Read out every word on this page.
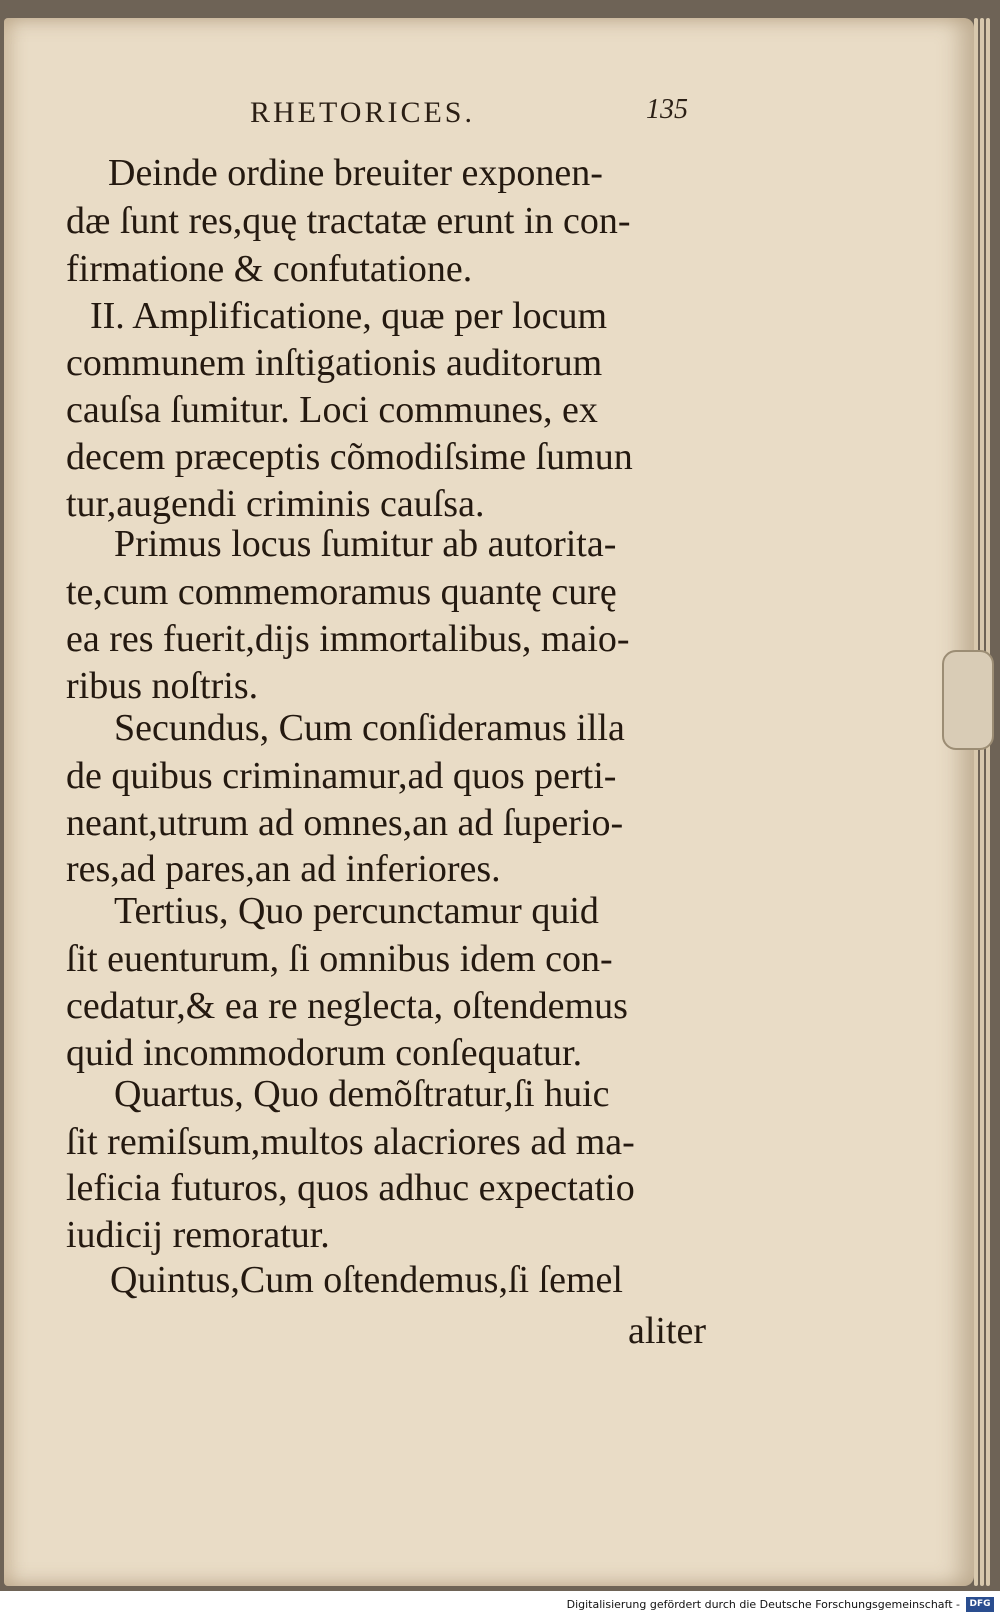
RHETORICES.	135
Deinde ordine breuiter exponen-
dæ ſunt res,quę tractatæ erunt in con-
firmatione & confutatione.
II. Amplificatione, quæ per locum
communem inſtigationis auditorum
cauſsa ſumitur. Loci communes, ex
decem præceptis cõmodiſsime ſumun
tur,augendi criminis cauſsa.
Primus locus ſumitur ab autorita-
te,cum commemoramus quantę curę
ea res fuerit,dijs immortalibus, maio-
ribus noſtris.
Secundus, Cum conſideramus illa
de quibus criminamur,ad quos perti-
neant,utrum ad omnes,an ad ſuperio-
res,ad pares,an ad inferiores.
Tertius, Quo percunctamur quid
ſit euenturum, ſi omnibus idem con-
cedatur,& ea re neglecta, oſtendemus
quid incommodorum conſequatur.
Quartus, Quo demõſtratur,ſi huic
ſit remiſsum,multos alacriores ad ma-
leficia futuros, quos adhuc expectatio
iudicij remoratur.
Quintus,Cum oſtendemus,ſi ſemel
aliter
Digitalisierung gefördert durch die Deutsche Forschungsgemeinschaft -	DFG
